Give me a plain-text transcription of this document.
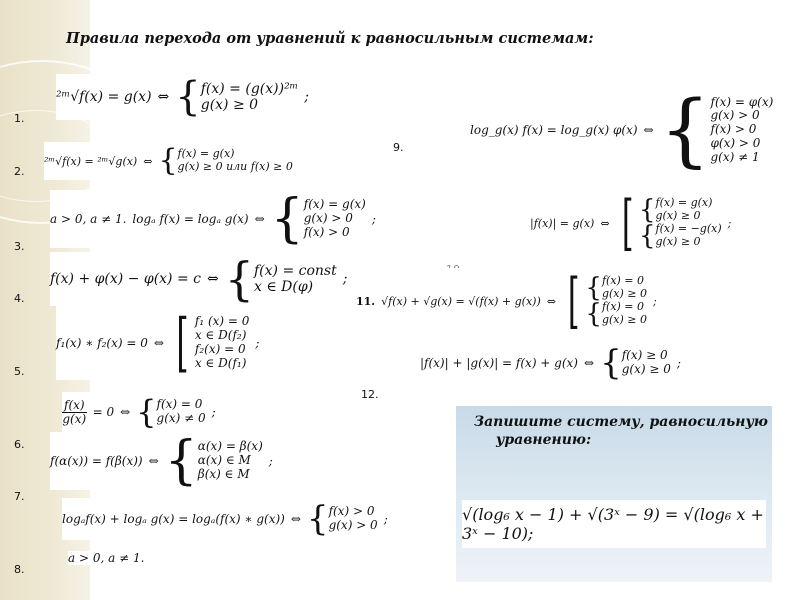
Правила перехода от уравнений к равносильным системам:
1.
2.
3.
4.
5.
6.
7.
8.
9.
12.
²ᵐ√f(x) = g(x) ⇔ { f(x) = (g(x))²ᵐ
g(x) ≥ 0	;
²ᵐ√f(x) = ²ᵐ√g(x) ⇔ { f(x) = g(x)
g(x) ≥ 0 или f(x) ≥ 0
a > 0, a ≠ 1. logₐ f(x) = logₐ g(x) ⇔ { f(x) = g(x)
g(x) > 0
f(x) > 0
;
f(x) + φ(x) − φ(x) = c ⇔ { f(x) = const
x ∈ D(φ)	;
f₁(x) ∗ f₂(x) = 0 ⇔ [ f₁ (x) = 0
x ∈ D(f₂)
f₂(x) = 0
x ∈ D(f₁)
;
$\frac{f(x)}{g(x)} = 0$ ⇔ { f(x) = 0
g(x) ≠ 0 ;
f(α(x)) = f(β(x)) ⇔ { α(x) = β(x)
α(x) ∈ M
β(x) ∈ M
;
logₐf(x) + logₐ g(x) = logₐ(f(x) ∗ g(x)) ⇔ { f(x) > 0
g(x) > 0 ;
a > 0, a ≠ 1.
log_g(x) f(x) = log_g(x) φ(x) ⇔ { f(x) = φ(x)
g(x) > 0
f(x) > 0
φ(x) > 0
g(x) ≠ 1
|f(x)| = g(x) ⇔ [ { f(x) = g(x)
g(x) ≥ 0
{ f(x) = −g(x)
g(x) ≥ 0
;
11. √f(x) + √g(x) = √(f(x) + g(x)) ⇔ [ { f(x) = 0
g(x) ≥ 0
{ f(x) = 0
g(x) ≥ 0
;
|f(x)| + |g(x)| = f(x) + g(x) ⇔ { f(x) ≥ 0
g(x) ≥ 0 ;
Запишите систему, равносильную
уравнению:
√(log₆ x − 1) + √(3ˣ − 9) = √(log₆ x + 3ˣ − 10);
